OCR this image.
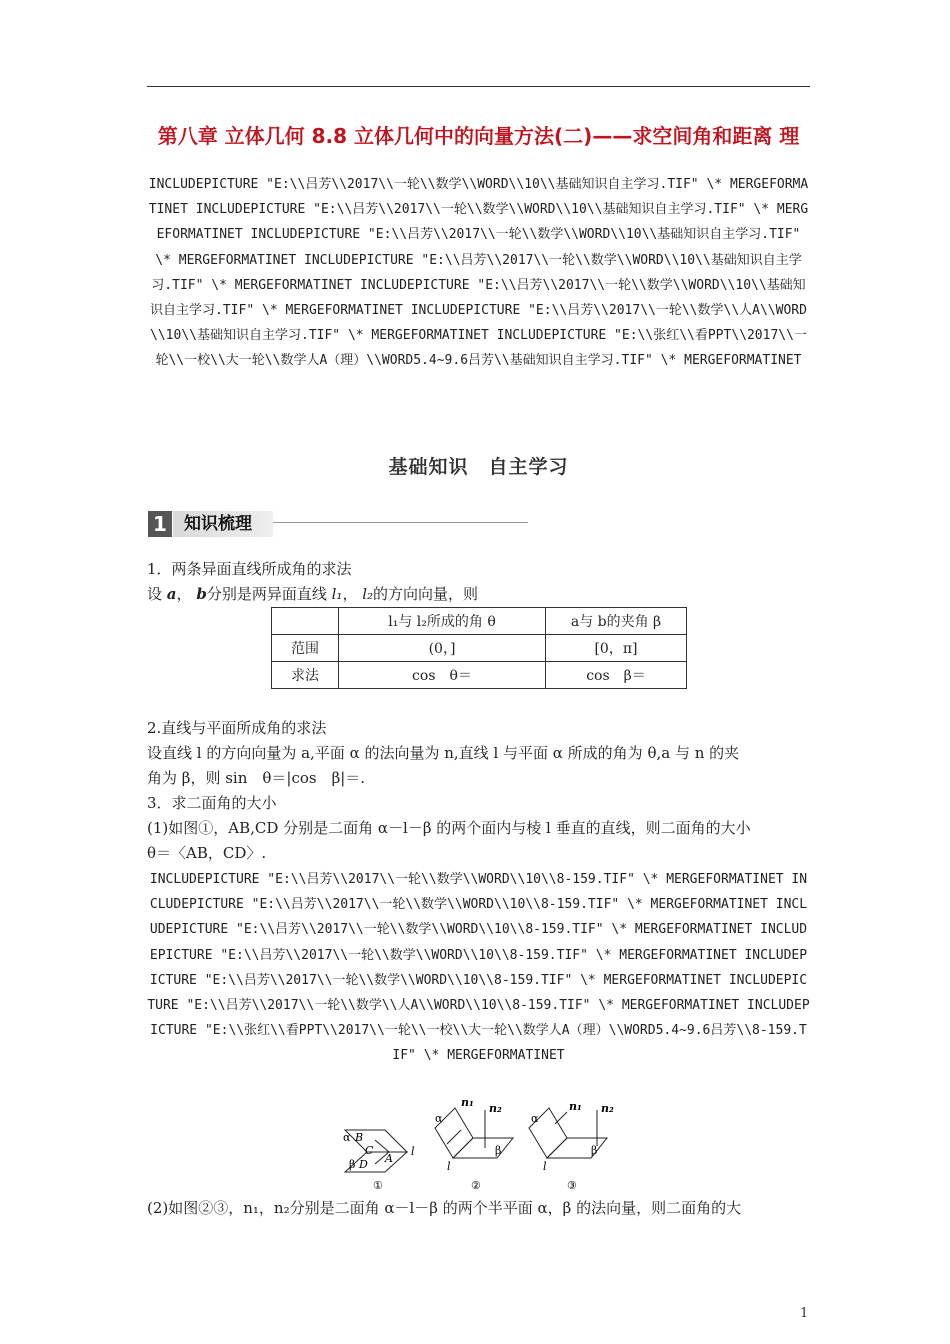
第八章 立体几何 8.8 立体几何中的向量方法(二)——求空间角和距离 理
INCLUDEPICTURE "E:\\吕芳\\2017\\一轮\\数学\\WORD\\10\\基础知识自主学习.TIF" \* MERGEFORMATINET INCLUDEPICTURE "E:\\吕芳\\2017\\一轮\\数学\\WORD\\10\\基础知识自主学习.TIF" \* MERGEFORMATINET INCLUDEPICTURE "E:\\吕芳\\2017\\一轮\\数学\\WORD\\10\\基础知识自主学习.TIF" \* MERGEFORMATINET INCLUDEPICTURE "E:\\吕芳\\2017\\一轮\\数学\\WORD\\10\\基础知识自主学习.TIF" \* MERGEFORMATINET INCLUDEPICTURE "E:\\吕芳\\2017\\一轮\\数学\\WORD\\10\\基础知识自主学习.TIF" \* MERGEFORMATINET INCLUDEPICTURE "E:\\吕芳\\2017\\一轮\\数学\\人A\\WORD\\10\\基础知识自主学习.TIF" \* MERGEFORMATINET INCLUDEPICTURE "E:\\张红\\看PPT\\2017\\一轮\\一校\\大一轮\\数学人A（理）\\WORD5.4~9.6吕芳\\基础知识自主学习.TIF" \* MERGEFORMATINET
基础知识　自主学习
1 知识梳理
1．两条异面直线所成角的求法
设 a， b分别是两异面直线 l₁， l₂的方向向量，则
	l₁与 l₂所成的角 θ	a与 b的夹角 β
范围	(0，]	[0，π]
求法	cos　θ＝	cos　β＝
2.直线与平面所成角的求法
设直线 l 的方向向量为 a,平面 α 的法向量为 n,直线 l 与平面 α 所成的角为 θ,a 与 n 的夹
角为 β，则 sin　θ＝|cos　β|＝.
3．求二面角的大小
(1)如图①，AB,CD 分别是二面角 α－l－β 的两个面内与棱 l 垂直的直线，则二面角的大小
θ＝〈AB，CD〉.
INCLUDEPICTURE "E:\\吕芳\\2017\\一轮\\数学\\WORD\\10\\8-159.TIF" \* MERGEFORMATINET INCLUDEPICTURE "E:\\吕芳\\2017\\一轮\\数学\\WORD\\10\\8-159.TIF" \* MERGEFORMATINET INCLUDEPICTURE "E:\\吕芳\\2017\\一轮\\数学\\WORD\\10\\8-159.TIF" \* MERGEFORMATINET INCLUDEPICTURE "E:\\吕芳\\2017\\一轮\\数学\\WORD\\10\\8-159.TIF" \* MERGEFORMATINET INCLUDEPICTURE "E:\\吕芳\\2017\\一轮\\数学\\WORD\\10\\8-159.TIF" \* MERGEFORMATINET INCLUDEPICTURE "E:\\吕芳\\2017\\一轮\\数学\\人A\\WORD\\10\\8-159.TIF" \* MERGEFORMATINET INCLUDEPICTURE "E:\\张红\\看PPT\\2017\\一轮\\一校\\大一轮\\数学人A（理）\\WORD5.4~9.6吕芳\\8-159.TIF" \* MERGEFORMATINET
α B
C
A
β D
l
①
α
n₁ n₂
β
l
②
α
n₁ n₂
β
l
③
(2)如图②③，n₁，n₂分别是二面角 α－l－β 的两个半平面 α，β 的法向量，则二面角的大
1
